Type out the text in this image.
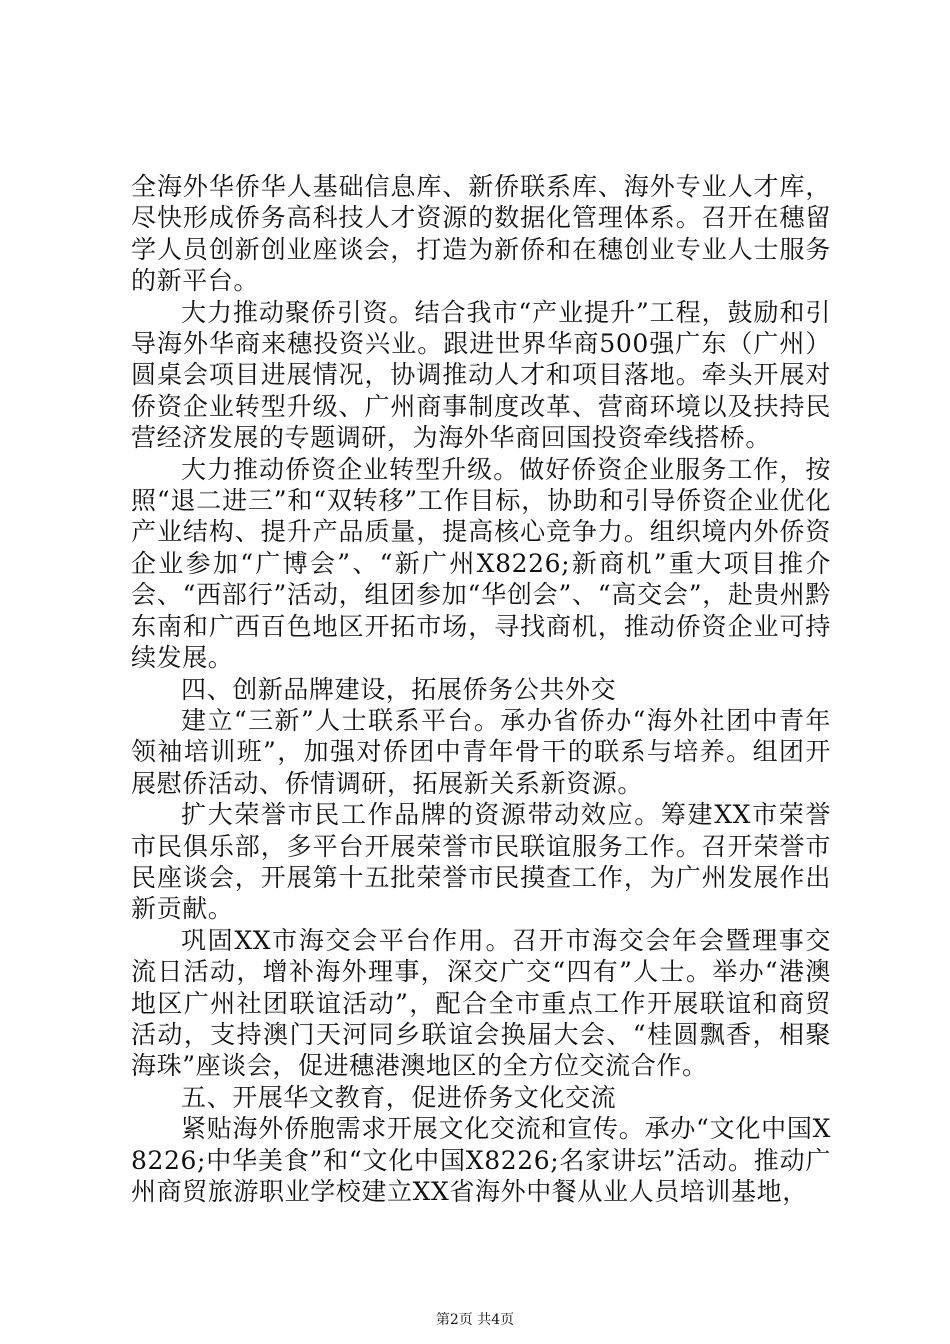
全海外华侨华人基础信息库、新侨联系库、海外专业人才库，尽快形成侨务高科技人才资源的数据化管理体系。召开在穗留学人员创新创业座谈会，打造为新侨和在穗创业专业人士服务的新平台。

大力推动聚侨引资。结合我市“产业提升”工程，鼓励和引导海外华商来穗投资兴业。跟进世界华商500强广东（广州）圆桌会项目进展情况，协调推动人才和项目落地。牵头开展对侨资企业转型升级、广州商事制度改革、营商环境以及扶持民营经济发展的专题调研，为海外华商回国投资牵线搭桥。

大力推动侨资企业转型升级。做好侨资企业服务工作，按照“退二进三”和“双转移”工作目标，协助和引导侨资企业优化产业结构、提升产品质量，提高核心竞争力。组织境内外侨资企业参加“广博会”、“新广州X8226;新商机”重大项目推介会、“西部行”活动，组团参加“华创会”、“高交会”，赴贵州黔东南和广西百色地区开拓市场，寻找商机，推动侨资企业可持续发展。

四、创新品牌建设，拓展侨务公共外交

建立“三新”人士联系平台。承办省侨办“海外社团中青年领袖培训班”，加强对侨团中青年骨干的联系与培养。组团开展慰侨活动、侨情调研，拓展新关系新资源。

扩大荣誉市民工作品牌的资源带动效应。筹建XX市荣誉市民俱乐部，多平台开展荣誉市民联谊服务工作。召开荣誉市民座谈会，开展第十五批荣誉市民摸查工作，为广州发展作出新贡献。

巩固XX市海交会平台作用。召开市海交会年会暨理事交流日活动，增补海外理事，深交广交“四有”人士。举办“港澳地区广州社团联谊活动”，配合全市重点工作开展联谊和商贸活动，支持澳门天河同乡联谊会换届大会、“桂圆飘香，相聚海珠”座谈会，促进穗港澳地区的全方位交流合作。

五、开展华文教育，促进侨务文化交流

紧贴海外侨胞需求开展文化交流和宣传。承办“文化中国X8226;中华美食”和“文化中国X8226;名家讲坛”活动。推动广州商贸旅游职业学校建立XX省海外中餐从业人员培训基地，

第2页 共4页
